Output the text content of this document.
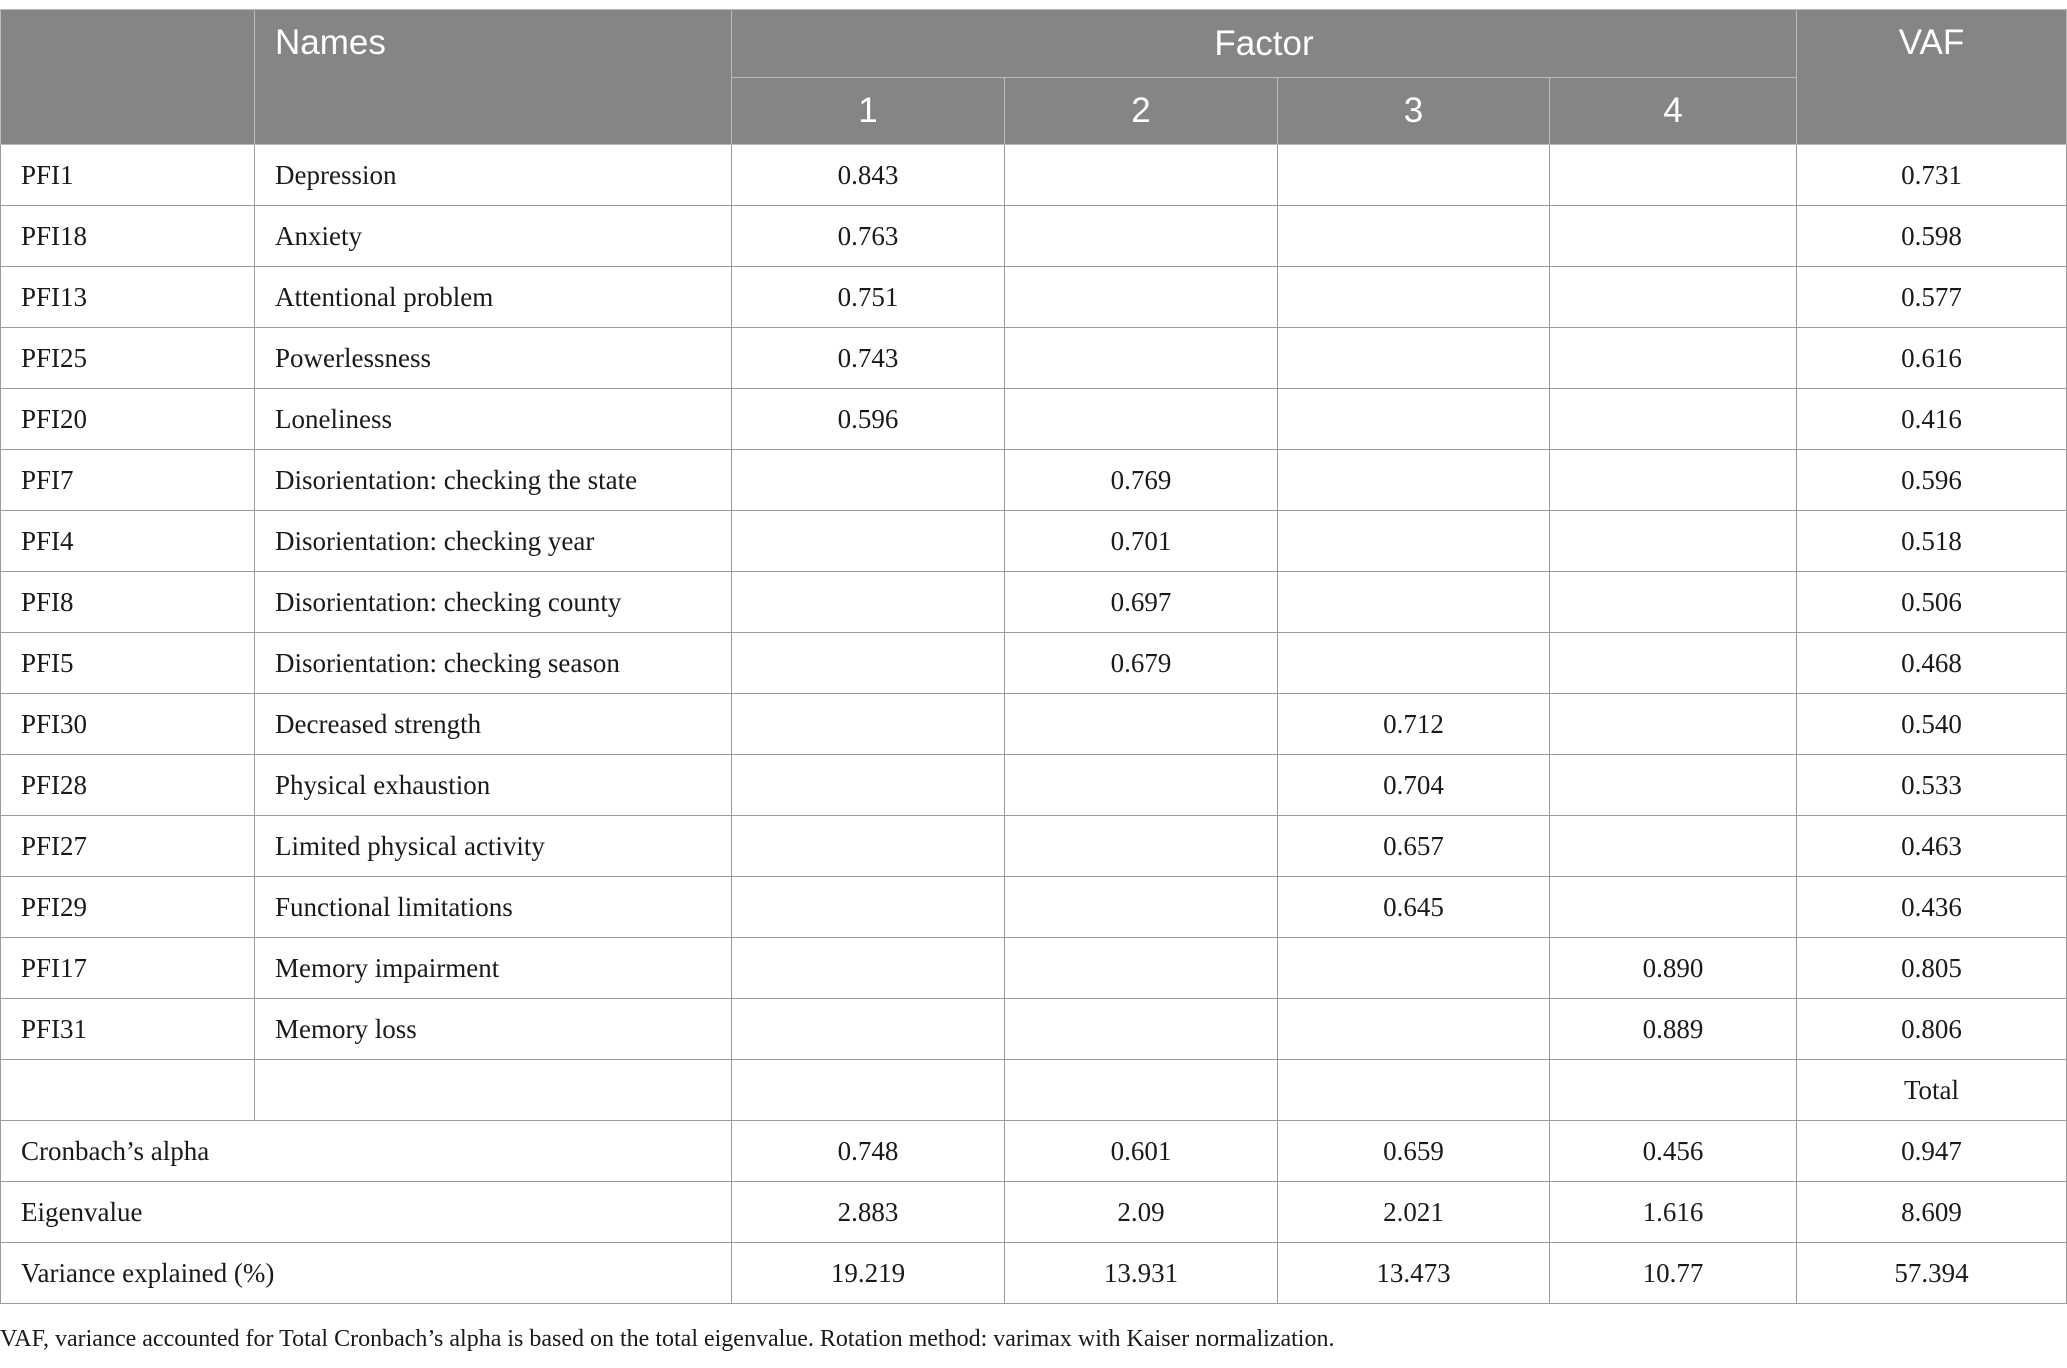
	Names	Factor				VAF
		1	2	3	4	
PFI1	Depression	0.843				0.731
PFI18	Anxiety	0.763				0.598
PFI13	Attentional problem	0.751				0.577
PFI25	Powerlessness	0.743				0.616
PFI20	Loneliness	0.596				0.416
PFI7	Disorientation: checking the state		0.769			0.596
PFI4	Disorientation: checking year		0.701			0.518
PFI8	Disorientation: checking county		0.697			0.506
PFI5	Disorientation: checking season		0.679			0.468
PFI30	Decreased strength			0.712		0.540
PFI28	Physical exhaustion			0.704		0.533
PFI27	Limited physical activity			0.657		0.463
PFI29	Functional limitations			0.645		0.436
PFI17	Memory impairment				0.890	0.805
PFI31	Memory loss				0.889	0.806
						Total
Cronbach’s alpha		0.748	0.601	0.659	0.456	0.947
Eigenvalue		2.883	2.09	2.021	1.616	8.609
Variance explained (%)		19.219	13.931	13.473	10.77	57.394
VAF, variance accounted for Total Cronbach’s alpha is based on the total eigenvalue. Rotation method: varimax with Kaiser normalization.
